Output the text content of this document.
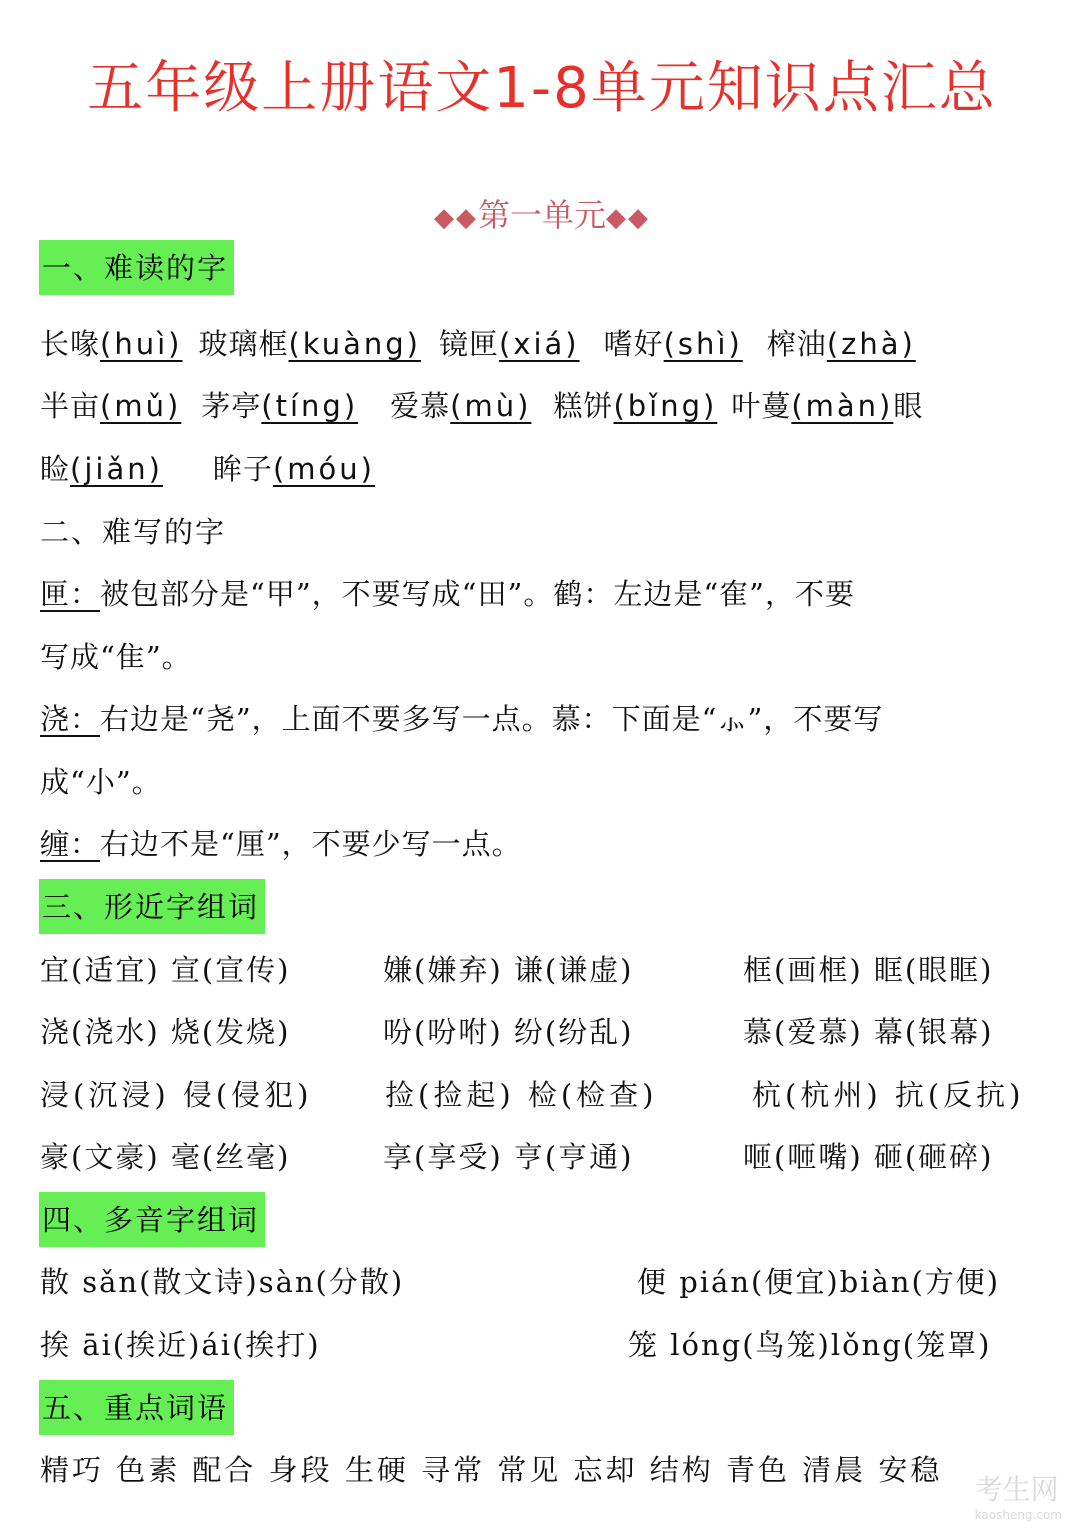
五年级上册语文1-8单元知识点汇总
◆◆第一单元◆◆
一、难读的字
长喙(huì) 玻璃框(kuàng) 镜匣(xiá) 嗜好(shì) 榨油(zhà)
半亩(mǔ) 茅亭(tíng) 爱慕(mù) 糕饼(bǐng) 叶蔓(màn)眼
睑(jiǎn) 眸子(móu)
二、难写的字
匣：被包部分是“甲”，不要写成“田”。鹤：左边是“隺”，不要
写成“隹”。
浇：右边是“尧”，上面不要多写一点。慕：下面是“⺗”，不要写
成“小”。
缠：右边不是“厘”，不要少写一点。
三、形近字组词
宜(适宜) 宣(宣传)	嫌(嫌弃) 谦(谦虚)	框(画框) 眶(眼眶)
浇(浇水) 烧(发烧)	吩(吩咐) 纷(纷乱)	慕(爱慕) 幕(银幕)
浸(沉浸) 侵(侵犯)	捡(捡起) 检(检查)	杭(杭州) 抗(反抗)
豪(文豪) 毫(丝毫)	享(享受) 亨(亨通)	咂(咂嘴) 砸(砸碎)
四、多音字组词
散 sǎn(散文诗)sàn(分散)	便 pián(便宜)biàn(方便)
挨 āi(挨近)ái(挨打)	笼 lóng(鸟笼)lǒng(笼罩)
五、重点词语
精巧 色素 配合 身段 生硬 寻常 常见 忘却 结构 青色 清晨 安稳
考生网
kaosheng.com
